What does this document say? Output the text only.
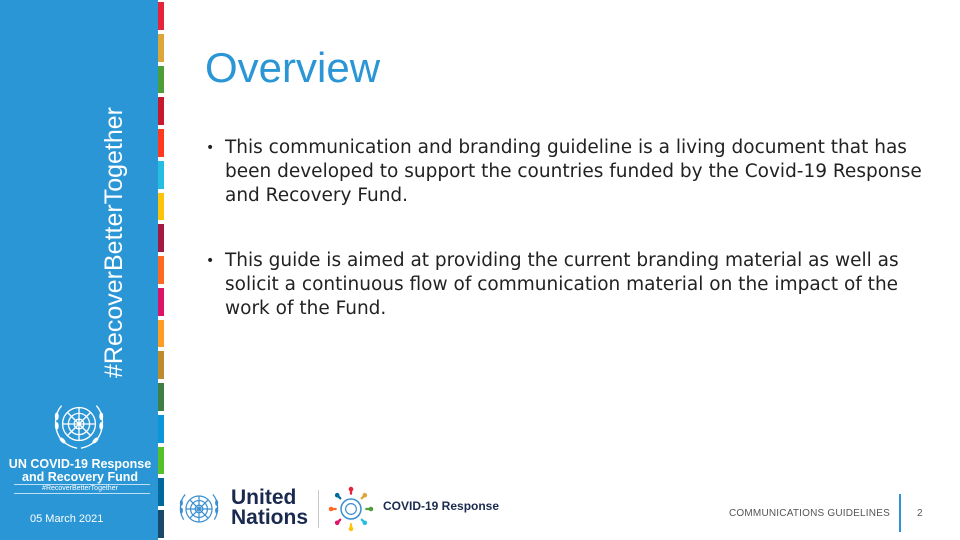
#RecoverBetterTogether
UN COVID-19 Response
and Recovery Fund
#RecoverBetterTogether
05 March 2021
Overview
• This communication and branding guideline is a living document that has been developed to support the countries funded by the Covid-19 Response and Recovery Fund.
• This guide is aimed at providing the current branding material as well as solicit a continuous flow of communication material on the impact of the work of the Fund.
United
Nations	COVID-19 Response
COMMUNICATIONS GUIDELINES	2
